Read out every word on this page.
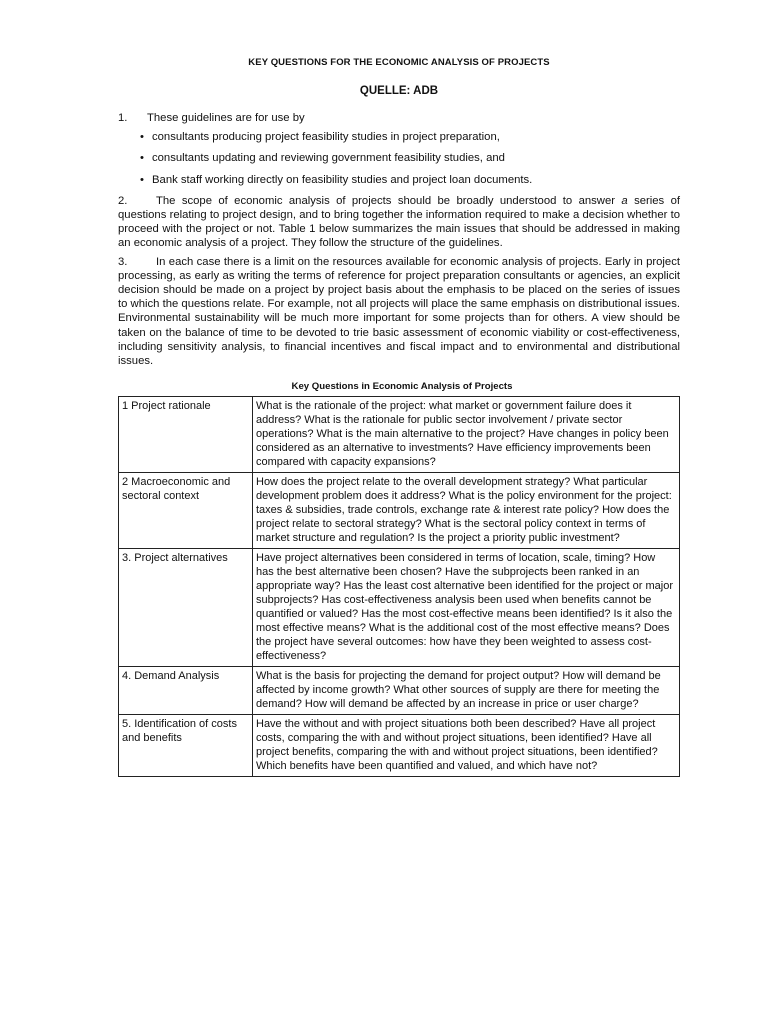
KEY QUESTIONS FOR THE ECONOMIC ANALYSIS OF PROJECTS
QUELLE: ADB

1. These guidelines are for use by

• consultants producing project feasibility studies in project preparation,
• consultants updating and reviewing government feasibility studies, and
• Bank staff working directly on feasibility studies and project loan documents.

2.	The scope of economic analysis of projects should be broadly understood to answer a series of questions relating to project design, and to bring together the information required to make a decision whether to proceed with the project or not. Table 1 below summarizes the main issues that should be addressed in making an economic analysis of a project. They follow the structure of the guidelines.

3.	In each case there is a limit on the resources available for economic analysis of projects. Early in project processing, as early as writing the terms of reference for project preparation consultants or agencies, an explicit decision should be made on a project by project basis about the emphasis to be placed on the series of issues to which the questions relate. For example, not all projects will place the same emphasis on distributional issues. Environmental sustainability will be much more important for some projects than for others. A view should be taken on the balance of time to be devoted to trie basic assessment of economic viability or cost-effectiveness, including sensitivity analysis, to financial incentives and fiscal impact and to environmental and distributional issues.

Key Questions in Economic Analysis of Projects
1 Project rationale	What is the rationale of the project: what market or government failure does it address? What is the rationale for public sector involvement / private sector operations? What is the main alternative to the project? Have changes in policy been considered as an alternative to investments? Have efficiency improvements been compared with capacity expansions?
2 Macroeconomic and sectoral context	How does the project relate to the overall development strategy? What particular development problem does it address? What is the policy environment for the project: taxes & subsidies, trade controls, exchange rate & interest rate policy? How does the project relate to sectoral strategy? What is the sectoral policy context in terms of market structure and regulation? Is the project a priority public investment?
3. Project alternatives	Have project alternatives been considered in terms of location, scale, timing? How has the best alternative been chosen? Have the subprojects been ranked in an appropriate way? Has the least cost alternative been identified for the project or major subprojects? Has cost-effectiveness analysis been used when benefits cannot be quantified or valued? Has the most cost-effective means been identified? Is it also the most effective means? What is the additional cost of the most effective means? Does the project have several outcomes: how have they been weighted to assess cost-effectiveness?
4. Demand Analysis	What is the basis for projecting the demand for project output? How will demand be affected by income growth? What other sources of supply are there for meeting the demand? How will demand be affected by an increase in price or user charge?
5. Identification of costs and benefits	Have the without and with project situations both been described? Have all project costs, comparing the with and without project situations, been identified? Have all project benefits, comparing the with and without project situations, been identified? Which benefits have been quantified and valued, and which have not?
